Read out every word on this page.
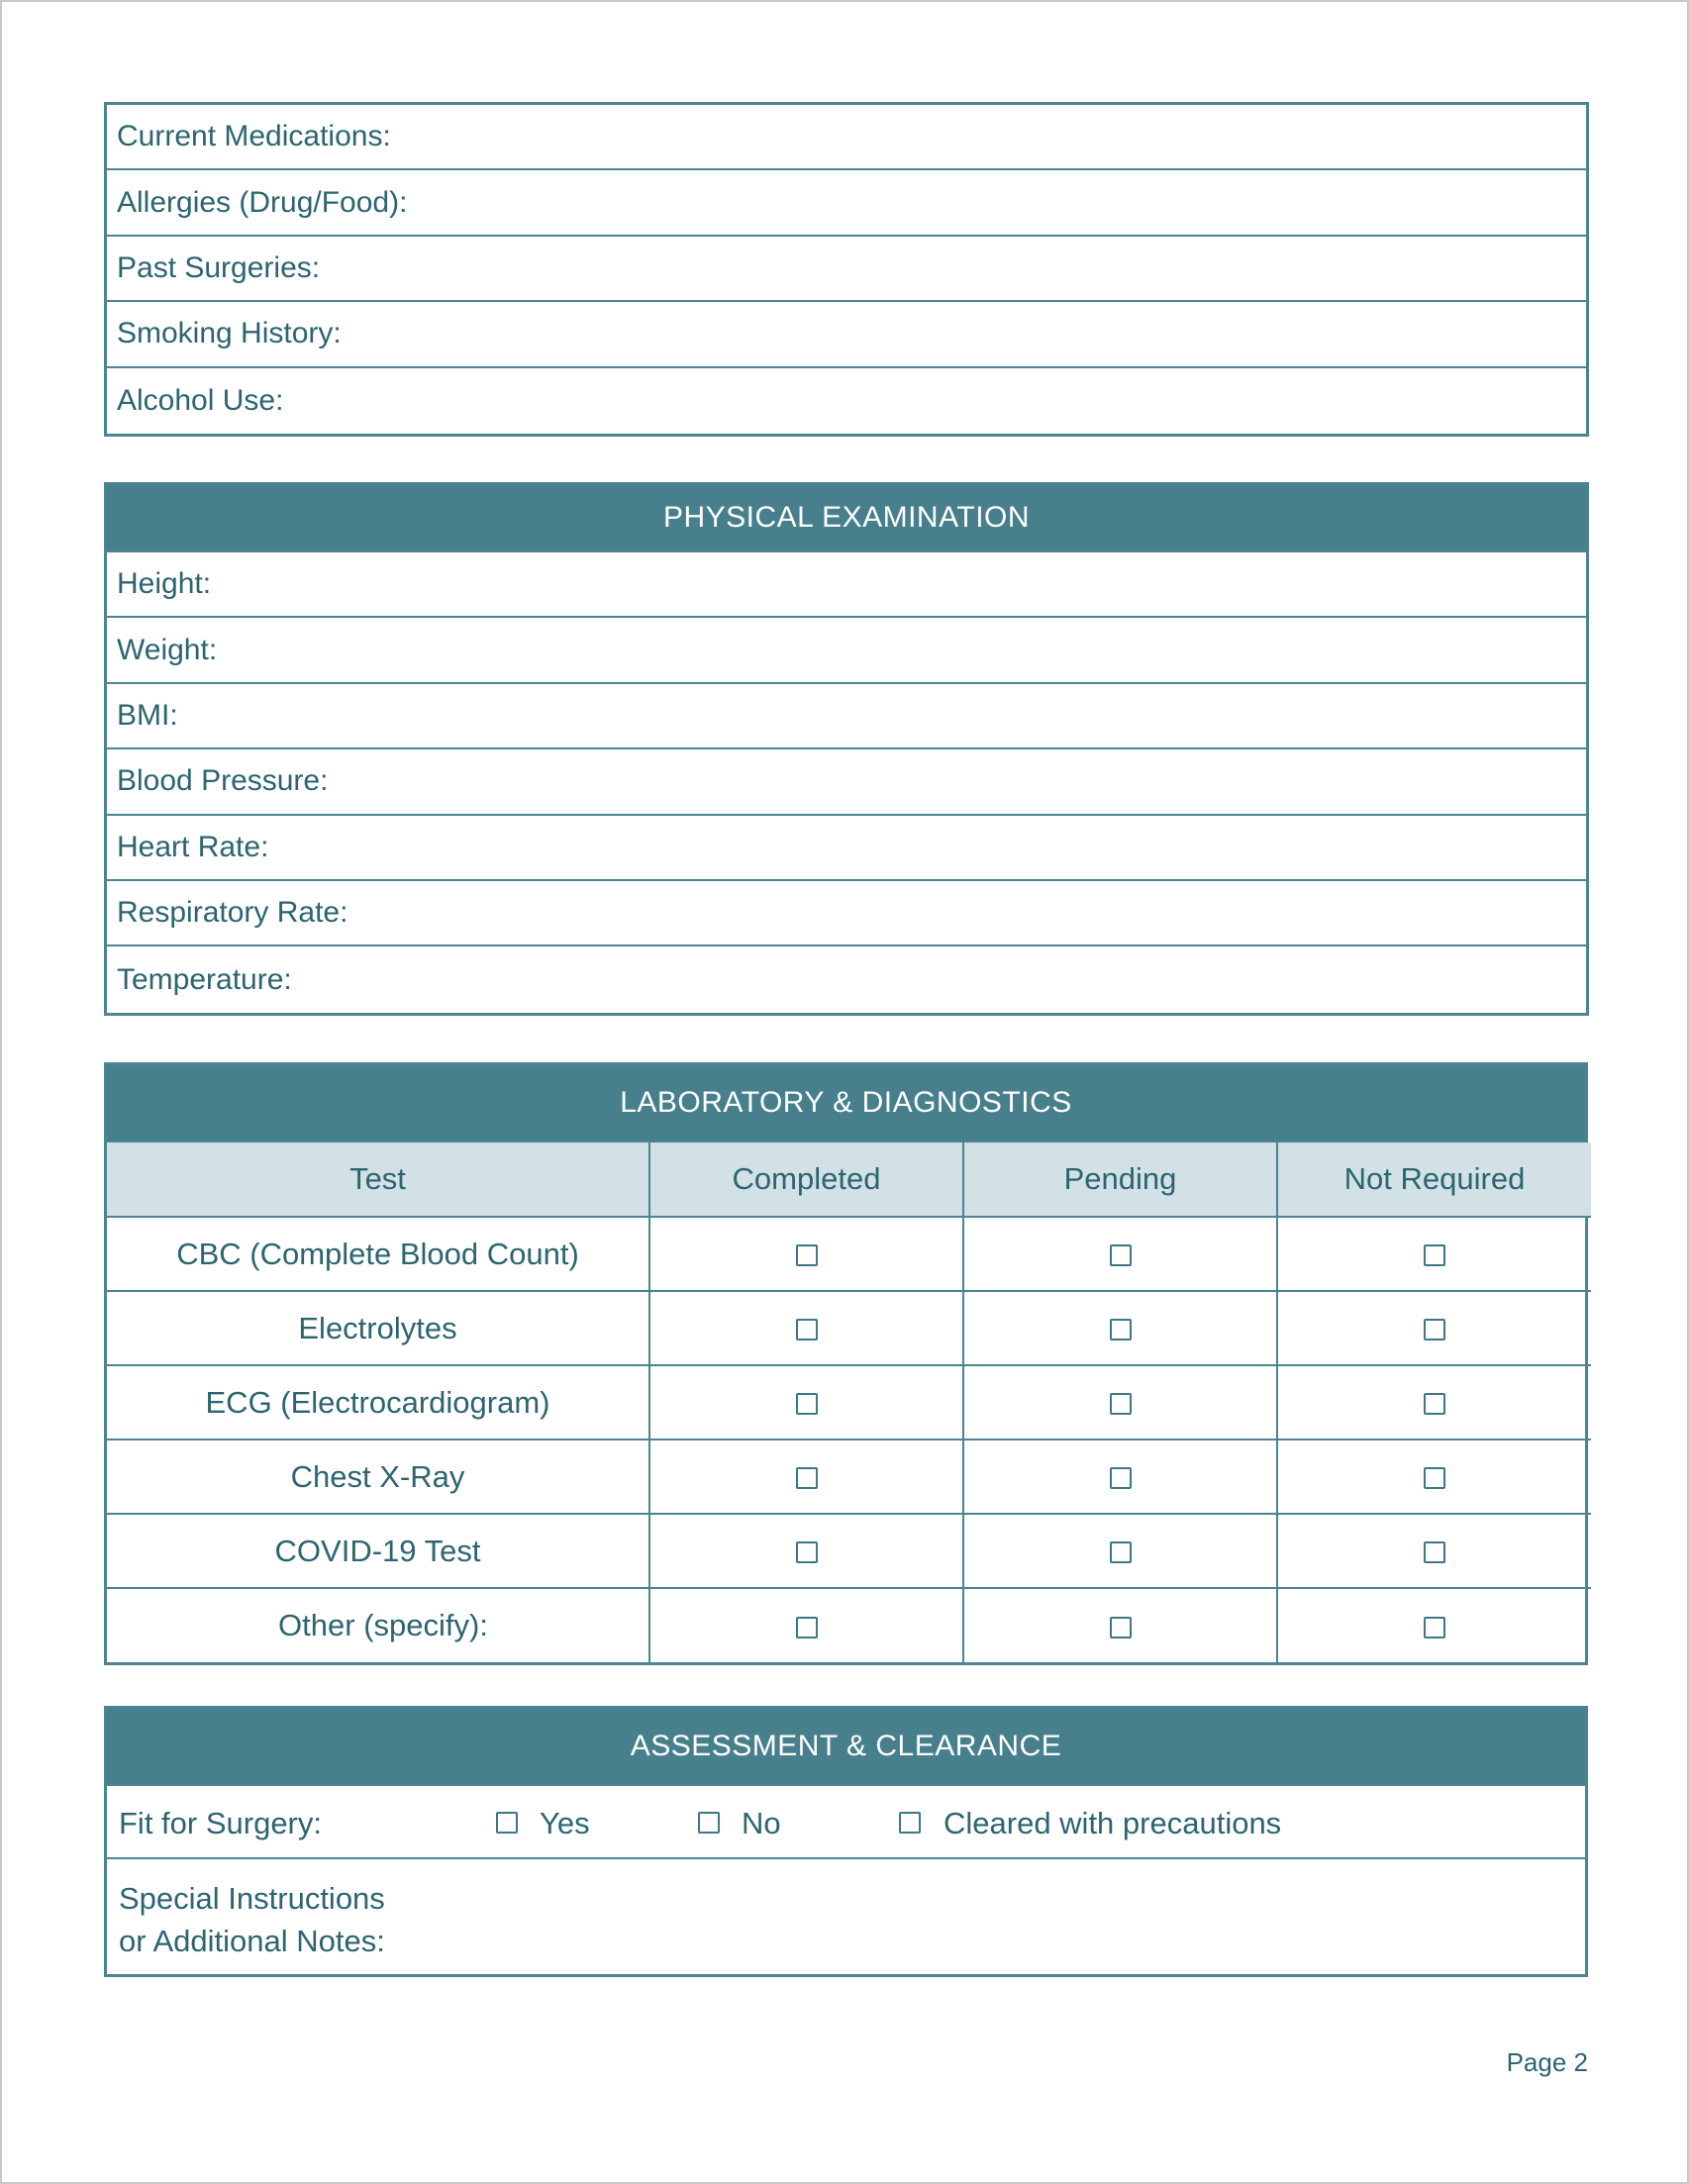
Current Medications:
Allergies (Drug/Food):
Past Surgeries:
Smoking History:
Alcohol Use:
PHYSICAL EXAMINATION
Height:
Weight:
BMI:
Blood Pressure:
Heart Rate:
Respiratory Rate:
Temperature:
LABORATORY & DIAGNOSTICS
Test	Completed	Pending	Not Required
CBC (Complete Blood Count)			
Electrolytes			
ECG (Electrocardiogram)			
Chest X-Ray			
COVID-19 Test			
Other (specify):			
ASSESSMENT & CLEARANCE
Fit for Surgery:	Yes	No	Cleared with precautions
Special Instructions
or Additional Notes:
Page 2
